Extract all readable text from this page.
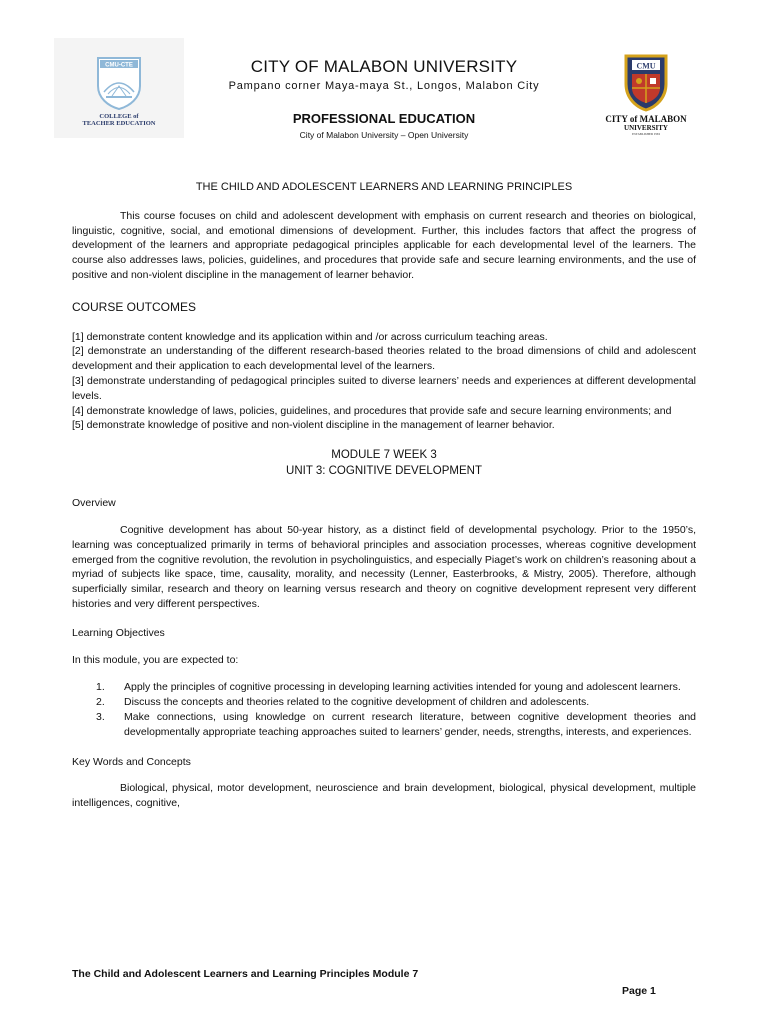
CMU-CTE
COLLEGE of
TEACHER EDUCATION
CITY OF MALABON UNIVERSITY
Pampano corner Maya-maya St., Longos, Malabon City
PROFESSIONAL EDUCATION
City of Malabon University – Open University
CMU
CITY of MALABON
UNIVERSITY
ESTABLISHED 1994
THE CHILD AND ADOLESCENT LEARNERS AND LEARNING PRINCIPLES

This course focuses on child and adolescent development with emphasis on current research and theories on biological, linguistic, cognitive, social, and emotional dimensions of development. Further, this includes factors that affect the progress of development of the learners and appropriate pedagogical principles applicable for each developmental level of the learners. The course also addresses laws, policies, guidelines, and procedures that provide safe and secure learning environments, and the use of positive and non-violent discipline in the management of learner behavior.

COURSE OUTCOMES

[1] demonstrate content knowledge and its application within and /or across curriculum teaching areas.

[2] demonstrate an understanding of the different research-based theories related to the broad dimensions of child and adolescent development and their application to each developmental level of the learners.

[3] demonstrate understanding of pedagogical principles suited to diverse learners’ needs and experiences at different developmental levels.

[4] demonstrate knowledge of laws, policies, guidelines, and procedures that provide safe and secure learning environments; and

[5] demonstrate knowledge of positive and non-violent discipline in the management of learner behavior.

MODULE 7 WEEK 3
UNIT 3: COGNITIVE DEVELOPMENT
Overview

Cognitive development has about 50-year history, as a distinct field of developmental psychology. Prior to the 1950’s, learning was conceptualized primarily in terms of behavioral principles and association processes, whereas cognitive development emerged from the cognitive revolution, the revolution in psycholinguistics, and especially Piaget’s work on children’s reasoning about a myriad of subjects like space, time, causality, morality, and necessity (Lenner, Easterbrooks, & Mistry, 2005). Therefore, although superficially similar, research and theory on learning versus research and theory on cognitive development represent very different histories and very different perspectives.

Learning Objectives

In this module, you are expected to:

1. Apply the principles of cognitive processing in developing learning activities intended for young and adolescent learners.
2. Discuss the concepts and theories related to the cognitive development of children and adolescents.
3. Make connections, using knowledge on current research literature, between cognitive development theories and developmentally appropriate teaching approaches suited to learners’ gender, needs, strengths, interests, and experiences.
Key Words and Concepts

Biological, physical, motor development, neuroscience and brain development, biological, physical development, multiple intelligences, cognitive,

The Child and Adolescent Learners and Learning Principles Module 7
Page 1
